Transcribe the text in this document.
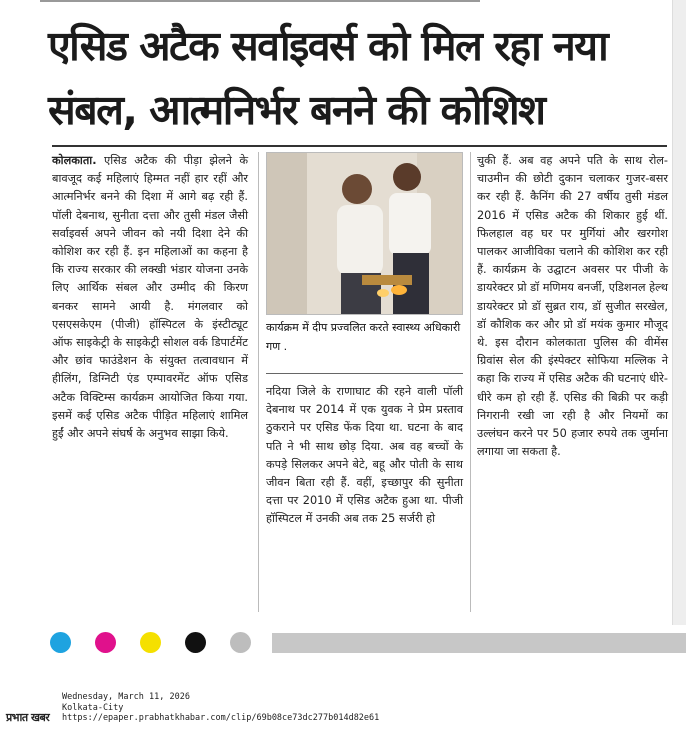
एसिड अटैक सर्वाइवर्स को मिल रहा नया
संबल, आत्मनिर्भर बनने की कोशिश
कोलकाता. एसिड अटैक की पीड़ा झेलने के बावजूद कई महिलाएं हिम्मत नहीं हार रहीं और आत्मनिर्भर बनने की दिशा में आगे बढ़ रही हैं. पॉली देबनाथ, सुनीता दत्ता और तुसी मंडल जैसी सर्वाइवर्स अपने जीवन को नयी दिशा देने की कोशिश कर रही हैं. इन महिलाओं का कहना है कि राज्य सरकार की लक्खी भंडार योजना उनके लिए आर्थिक संबल और उम्मीद की किरण बनकर सामने आयी है. मंगलवार को एसएसकेएम (पीजी) हॉस्पिटल के इंस्टीट्यूट ऑफ साइकेट्री के साइकेट्री सोशल वर्क डिपार्टमेंट और छांव फाउंडेशन के संयुक्त तत्वावधान में हीलिंग, डिग्निटी एंड एम्पावरमेंट ऑफ एसिड अटैक विक्टिम्स कार्यक्रम आयोजित किया गया. इसमें कई एसिड अटैक पीड़ित महिलाएं शामिल हुईं और अपने संघर्ष के अनुभव साझा किये.
कार्यक्रम में दीप प्रज्वलित करते स्वास्थ्य अधिकारी गण .
नदिया जिले के राणाघाट की रहने वाली पॉली देबनाथ पर 2014 में एक युवक ने प्रेम प्रस्ताव ठुकराने पर एसिड फेंक दिया था. घटना के बाद पति ने भी साथ छोड़ दिया. अब वह बच्चों के कपड़े सिलकर अपने बेटे, बहू और पोती के साथ जीवन बिता रही हैं. वहीं, इच्छापुर की सुनीता दत्ता पर 2010 में एसिड अटैक हुआ था. पीजी हॉस्पिटल में उनकी अब तक 25 सर्जरी हो
चुकी हैं. अब वह अपने पति के साथ रोल-चाउमीन की छोटी दुकान चलाकर गुजर-बसर कर रही हैं. कैनिंग की 27 वर्षीय तुसी मंडल 2016 में एसिड अटैक की शिकार हुई थीं. फिलहाल वह घर पर मुर्गियां और खरगोश पालकर आजीविका चलाने की कोशिश कर रही हैं. कार्यक्रम के उद्घाटन अवसर पर पीजी के डायरेक्टर प्रो डॉ मणिमय बनर्जी, एडिशनल हेल्थ डायरेक्टर प्रो डॉ सुब्रत राय, डॉ सुजीत सरखेल, डॉ कौशिक कर और प्रो डॉ मयंक कुमार मौजूद थे. इस दौरान कोलकाता पुलिस की वीमेंस ग्रिवांस सेल की इंस्पेक्टर सोफिया मल्लिक ने कहा कि राज्य में एसिड अटैक की घटनाएं धीरे-धीरे कम हो रही हैं. एसिड की बिक्री पर कड़ी निगरानी रखी जा रही है और नियमों का उल्लंघन करने पर 50 हजार रुपये तक जुर्माना लगाया जा सकता है.
प्रभात खबर
Wednesday, March 11, 2026
Kolkata-City
https://epaper.prabhatkhabar.com/clip/69b08ce73dc277b014d82e61
